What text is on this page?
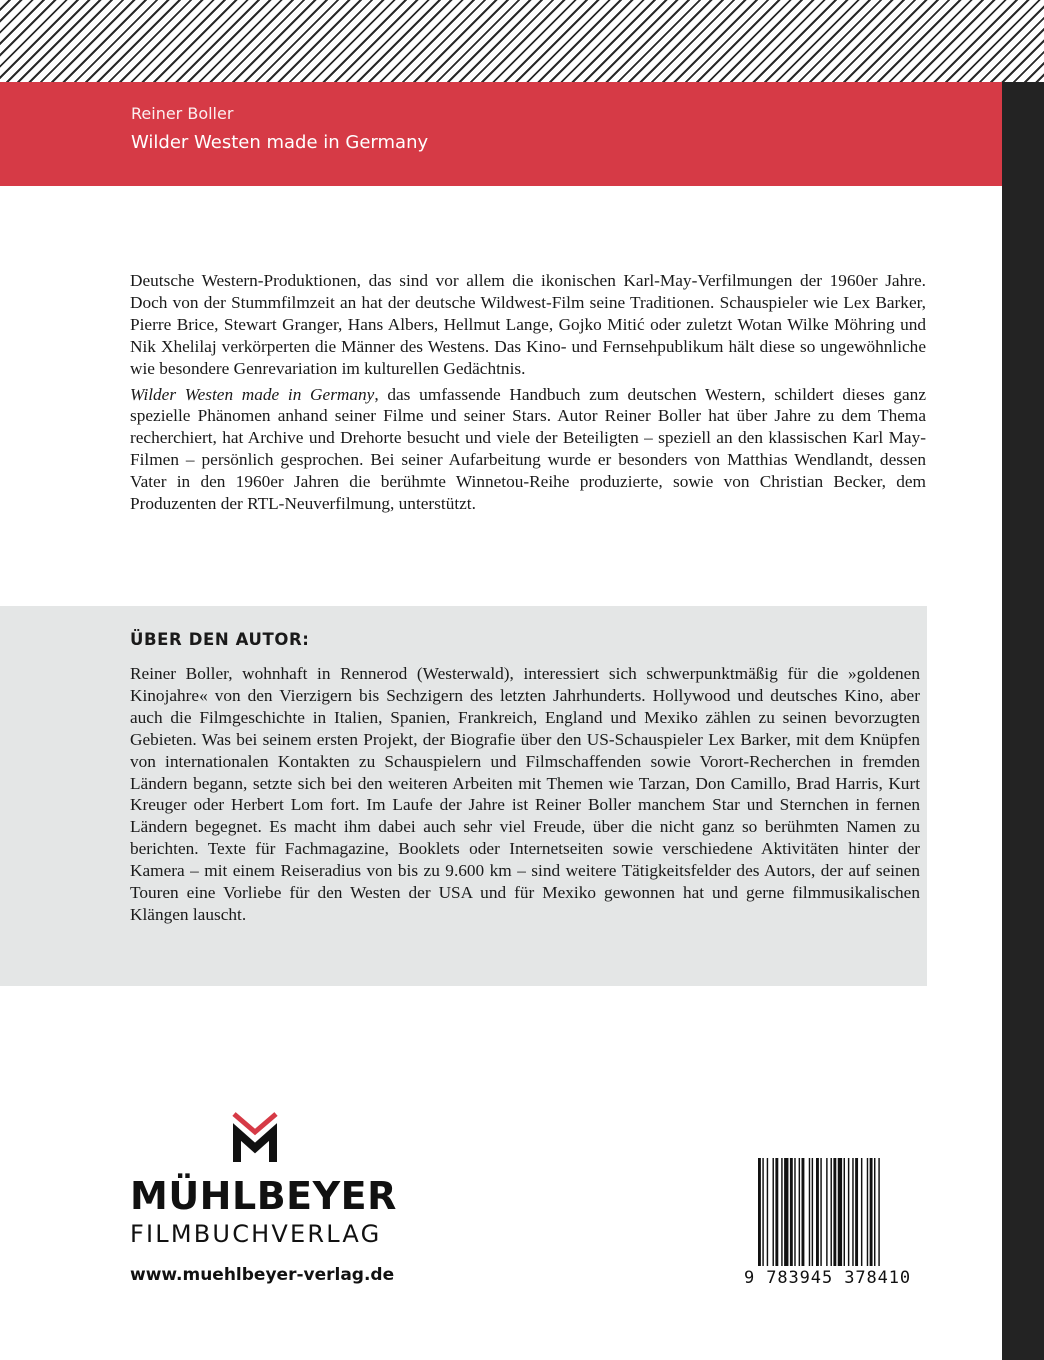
Reiner Boller
Wilder Westen made in Germany

Deutsche Western-Produktionen, das sind vor allem die ikonischen Karl-May-Verfilmungen der 1960er Jahre. Doch von der Stummfilmzeit an hat der deutsche Wildwest-Film seine Traditionen. Schauspieler wie Lex Barker, Pierre Brice, Stewart Granger, Hans Albers, Hellmut Lange, Gojko Mitić oder zuletzt Wotan Wilke Möhring und Nik Xhelilaj verkörperten die Männer des Westens. Das Kino- und Fernsehpublikum hält diese so ungewöhnliche wie besondere Genrevariation im kulturellen Gedächtnis.

Wilder Westen made in Germany, das umfassende Handbuch zum deutschen Western, schildert dieses ganz spezielle Phänomen anhand seiner Filme und seiner Stars. Autor Reiner Boller hat über Jahre zu dem Thema recherchiert, hat Archive und Drehorte besucht und viele der Beteiligten – speziell an den klassischen Karl May-Filmen – persönlich gesprochen. Bei seiner Aufarbeitung wurde er besonders von Matthias Wendlandt, dessen Vater in den 1960er Jahren die berühmte Winnetou-Reihe produzierte, sowie von Christian Becker, dem Produzenten der RTL-Neuverfilmung, unterstützt.

ÜBER DEN AUTOR:
Reiner Boller, wohnhaft in Rennerod (Westerwald), interessiert sich schwerpunktmäßig für die »goldenen Kinojahre« von den Vierzigern bis Sechzigern des letzten Jahrhunderts. Hollywood und deutsches Kino, aber auch die Filmgeschichte in Italien, Spanien, Frankreich, England und Mexiko zählen zu seinen bevorzugten Gebieten. Was bei seinem ersten Projekt, der Biografie über den US-Schauspieler Lex Barker, mit dem Knüpfen von internationalen Kontakten zu Schauspielern und Filmschaffenden sowie Vorort-Recherchen in fremden Ländern begann, setzte sich bei den weiteren Arbeiten mit Themen wie Tarzan, Don Camillo, Brad Harris, Kurt Kreuger oder Herbert Lom fort. Im Laufe der Jahre ist Reiner Boller manchem Star und Sternchen in fernen Ländern begegnet. Es macht ihm dabei auch sehr viel Freude, über die nicht ganz so berühmten Namen zu berichten. Texte für Fachmagazine, Booklets oder Internetseiten sowie verschiedene Aktivitäten hinter der Kamera – mit einem Reiseradius von bis zu 9.600 km – sind weitere Tätigkeitsfelder des Autors, der auf seinen Touren eine Vorliebe für den Westen der USA und für Mexiko gewonnen hat und gerne filmmusikalischen Klängen lauscht.
MÜHLBEYER
FILMBUCHVERLAG
www.muehlbeyer-verlag.de	9 783945 378410
